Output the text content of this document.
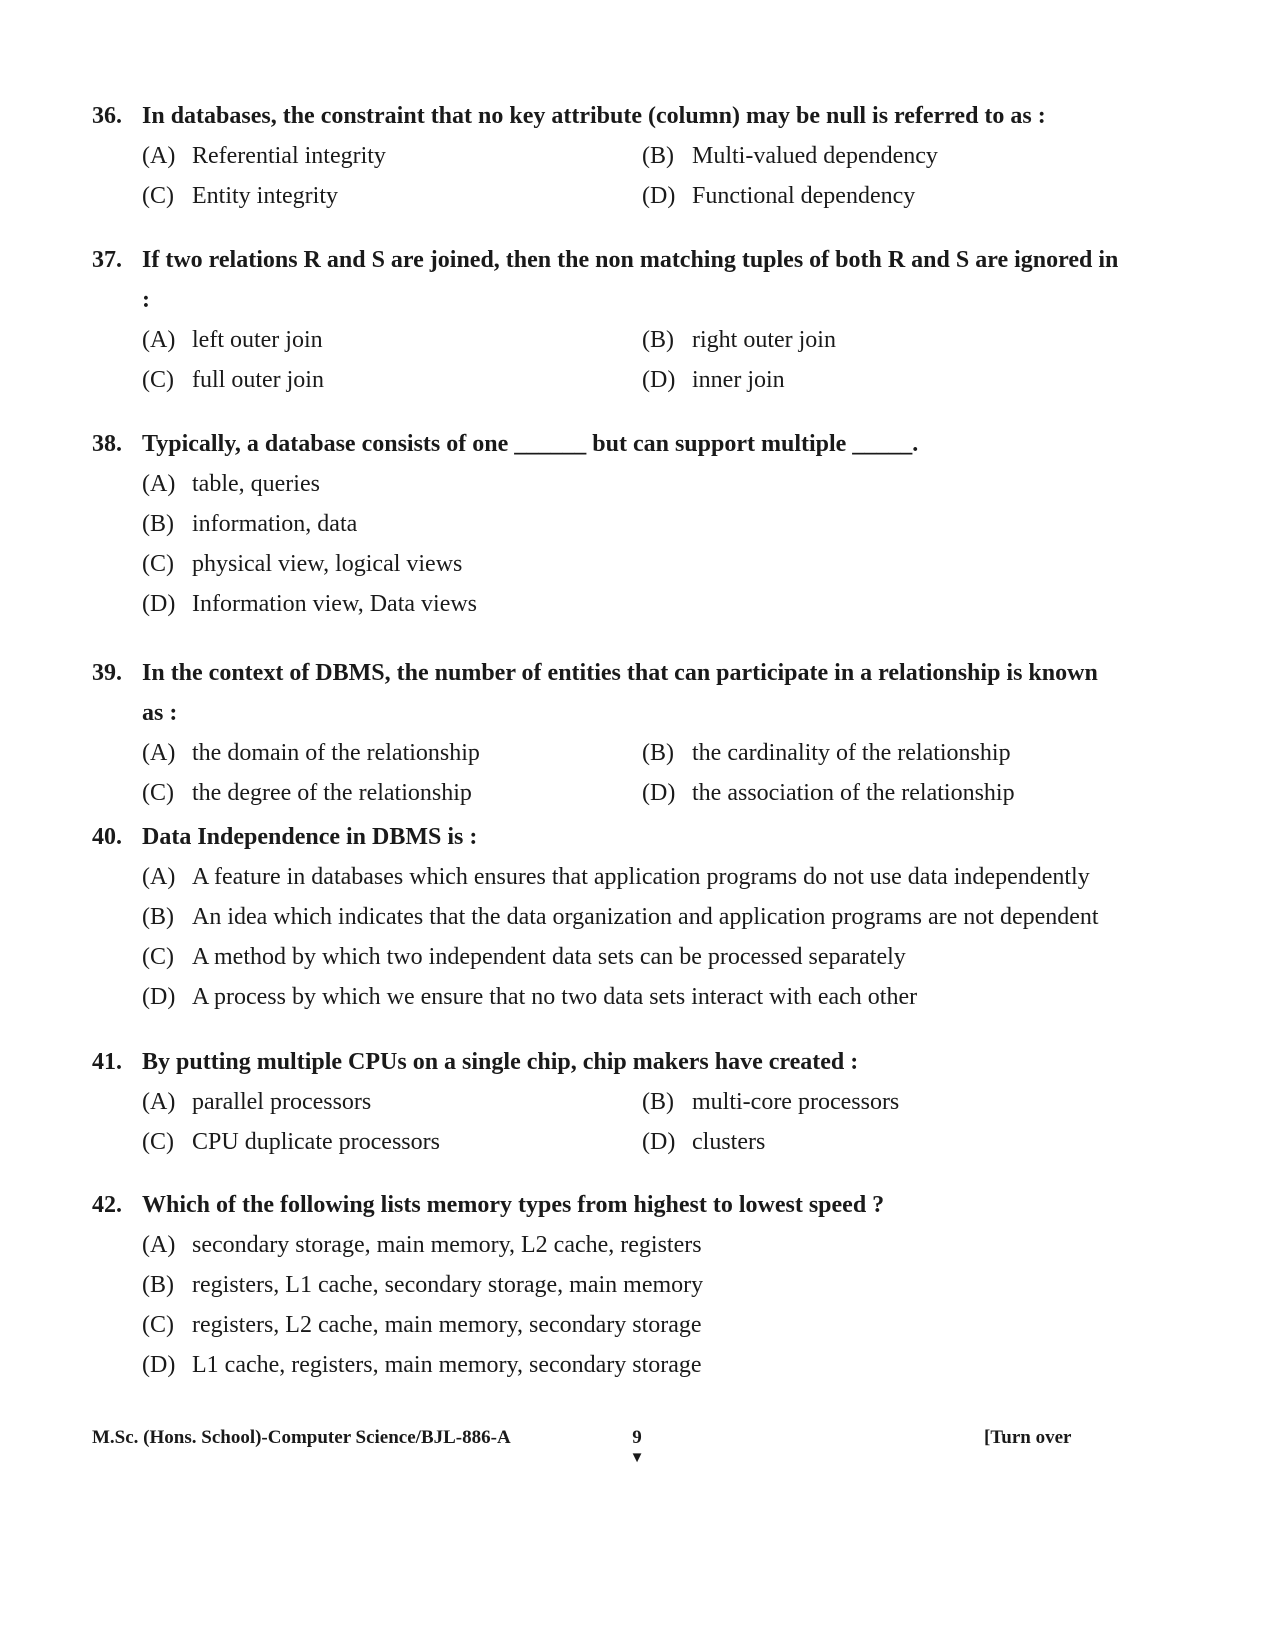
36. In databases, the constraint that no key attribute (column) may be null is referred to as :
(A) Referential integrity	(B) Multi-valued dependency
(C) Entity integrity	(D) Functional dependency
37. If two relations R and S are joined, then the non matching tuples of both R and S are ignored in :
(A) left outer join	(B) right outer join
(C) full outer join	(D) inner join
38. Typically, a database consists of one ______ but can support multiple _____.
(A) table, queries
(B) information, data
(C) physical view, logical views
(D) Information view, Data views
39. In the context of DBMS, the number of entities that can participate in a relationship is known as :
(A) the domain of the relationship	(B) the cardinality of the relationship
(C) the degree of the relationship	(D) the association of the relationship
40. Data Independence in DBMS is :
(A) A feature in databases which ensures that application programs do not use data independently
(B) An idea which indicates that the data organization and application programs are not dependent
(C) A method by which two independent data sets can be processed separately
(D) A process by which we ensure that no two data sets interact with each other
41. By putting multiple CPUs on a single chip, chip makers have created :
(A) parallel processors	(B) multi-core processors
(C) CPU duplicate processors	(D) clusters
42. Which of the following lists memory types from highest to lowest speed ?
(A) secondary storage, main memory, L2 cache, registers
(B) registers, L1 cache, secondary storage, main memory
(C) registers, L2 cache, main memory, secondary storage
(D) L1 cache, registers, main memory, secondary storage
M.Sc. (Hons. School)-Computer Science/BJL-886-A	9
▼
[Turn over
